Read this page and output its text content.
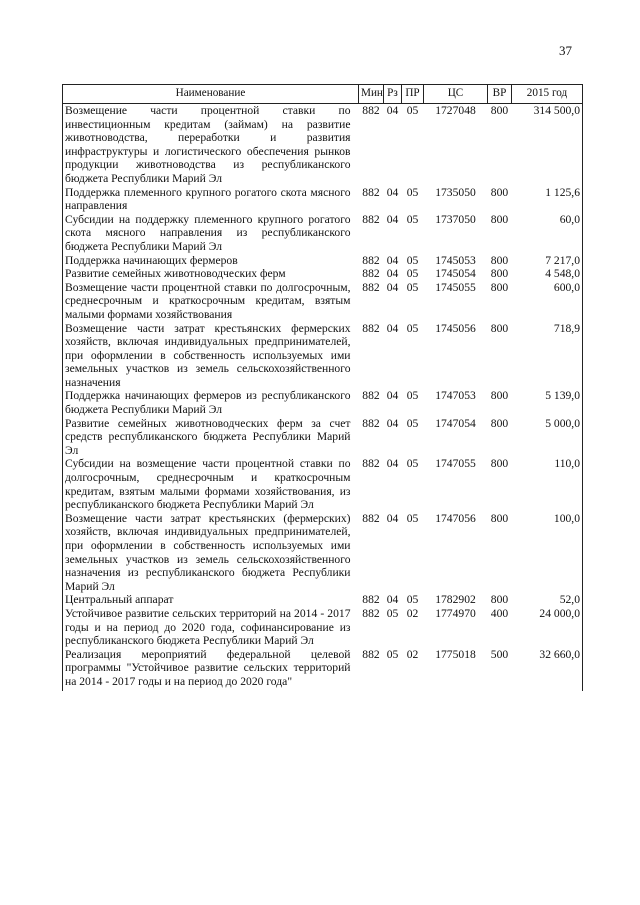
37
Наименование	Мин	Рз	ПР	ЦС	ВР	2015 год
Возмещение части процентной ставки по инвестиционным кредитам (займам) на развитие животноводства, переработки и развития инфраструктуры и логистического обеспечения рынков продукции животноводства из республиканского бюджета Республики Марий Эл	882	04	05	1727048	800	314 500,0
Поддержка племенного крупного рогатого скота мясного направления	882	04	05	1735050	800	1 125,6
Субсидии на поддержку племенного крупного рогатого скота мясного направления из республиканского бюджета Республики Марий Эл	882	04	05	1737050	800	60,0
Поддержка начинающих фермеров	882	04	05	1745053	800	7 217,0
Развитие семейных животноводческих ферм	882	04	05	1745054	800	4 548,0
Возмещение части процентной ставки по долгосрочным, среднесрочным и краткосрочным кредитам, взятым малыми формами хозяйствования	882	04	05	1745055	800	600,0
Возмещение части затрат крестьянских фермерских хозяйств, включая индивидуальных предпринимателей, при оформлении в собственность используемых ими земельных участков из земель сельскохозяйственного назначения	882	04	05	1745056	800	718,9
Поддержка начинающих фермеров из республиканского бюджета Республики Марий Эл	882	04	05	1747053	800	5 139,0
Развитие семейных животноводческих ферм за счет средств республиканского бюджета Республики Марий Эл	882	04	05	1747054	800	5 000,0
Субсидии на возмещение части процентной ставки по долгосрочным, среднесрочным и краткосрочным кредитам, взятым малыми формами хозяйствования, из республиканского бюджета Республики Марий Эл	882	04	05	1747055	800	110,0
Возмещение части затрат крестьянских (фермерских) хозяйств, включая индивидуальных предпринимателей, при оформлении в собственность используемых ими земельных участков из земель сельскохозяйственного назначения из республиканского бюджета Республики Марий Эл	882	04	05	1747056	800	100,0
Центральный аппарат	882	04	05	1782902	800	52,0
Устойчивое развитие сельских территорий на 2014 - 2017 годы и на период до 2020 года, софинансирование из республиканского бюджета Республики Марий Эл	882	05	02	1774970	400	24 000,0
Реализация мероприятий федеральной целевой программы "Устойчивое развитие сельских территорий на 2014 - 2017 годы и на период до 2020 года"	882	05	02	1775018	500	32 660,0
